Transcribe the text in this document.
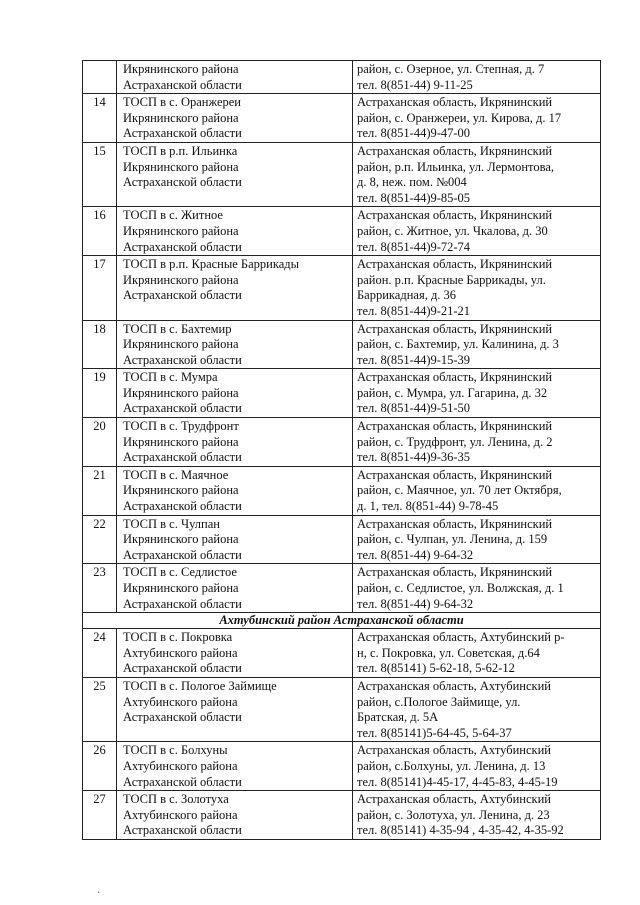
	Икрянинского района
Астраханской области	район, с. Озерное, ул. Степная, д. 7
тел. 8(851-44) 9-11-25

14	ТОСП в с. Оранжереи
Икрянинского района
Астраханской области	Астраханская область, Икрянинский
район, с. Оранжереи, ул. Кирова, д. 17
тел. 8(851-44)9-47-00

15	ТОСП в р.п. Ильинка
Икрянинского района
Астраханской области	Астраханская область, Икрянинский
район, р.п. Ильинка, ул. Лермонтова,
д. 8, неж. пом. №004
тел. 8(851-44)9-85-05

16	ТОСП в с. Житное
Икрянинского района
Астраханской области	Астраханская область, Икрянинский
район, с. Житное, ул. Чкалова, д. 30
тел. 8(851-44)9-72-74

17	ТОСП в р.п. Красные Баррикады
Икрянинского района
Астраханской области	Астраханская область, Икрянинский
район. р.п. Красные Баррикады, ул.
Баррикадная, д. 36
тел. 8(851-44)9-21-21

18	ТОСП в с. Бахтемир
Икрянинского района
Астраханской области	Астраханская область, Икрянинский
район, с. Бахтемир, ул. Калинина, д. 3
тел. 8(851-44)9-15-39

19	ТОСП в с. Мумра
Икрянинского района
Астраханской области	Астраханская область, Икрянинский
район, с. Мумра, ул. Гагарина, д. 32
тел. 8(851-44)9-51-50

20	ТОСП в с. Трудфронт
Икрянинского района
Астраханской области	Астраханская область, Икрянинский
район, с. Трудфронт, ул. Ленина, д. 2
тел. 8(851-44)9-36-35

21	ТОСП в с. Маячное
Икрянинского района
Астраханской области	Астраханская область, Икрянинский
район, с. Маячное, ул. 70 лет Октября,
д. 1, тел. 8(851-44) 9-78-45

22	ТОСП в с. Чулпан
Икрянинского района
Астраханской области	Астраханская область, Икрянинский
район, с. Чулпан, ул. Ленина, д. 159
тел. 8(851-44) 9-64-32

23	ТОСП в с. Седлистое
Икрянинского района
Астраханской области	Астраханская область, Икрянинский
район, с. Седлистое, ул. Волжская, д. 1
тел. 8(851-44) 9-64-32

Ахтубинский район Астраханской области		
24	ТОСП в с. Покровка
Ахтубинского района
Астраханской области	Астраханская область, Ахтубинский р-
н, с. Покровка, ул. Советская, д.64
тел. 8(85141) 5-62-18, 5-62-12

25	ТОСП в с. Пологое Займище
Ахтубинского района
Астраханской области	Астраханская область, Ахтубинский
район, с.Пологое Займище, ул.
Братская, д. 5А
тел. 8(85141)5-64-45, 5-64-37

26	ТОСП в с. Болхуны
Ахтубинского района
Астраханской области	Астраханская область, Ахтубинский
район, с.Болхуны, ул. Ленина, д. 13
тел. 8(85141)4-45-17, 4-45-83, 4-45-19

27	ТОСП в с. Золотуха
Ахтубинского района
Астраханской области	Астраханская область, Ахтубинский
район, с. Золотуха, ул. Ленина, д. 23
тел. 8(85141) 4-35-94 , 4-35-42, 4-35-92
·
